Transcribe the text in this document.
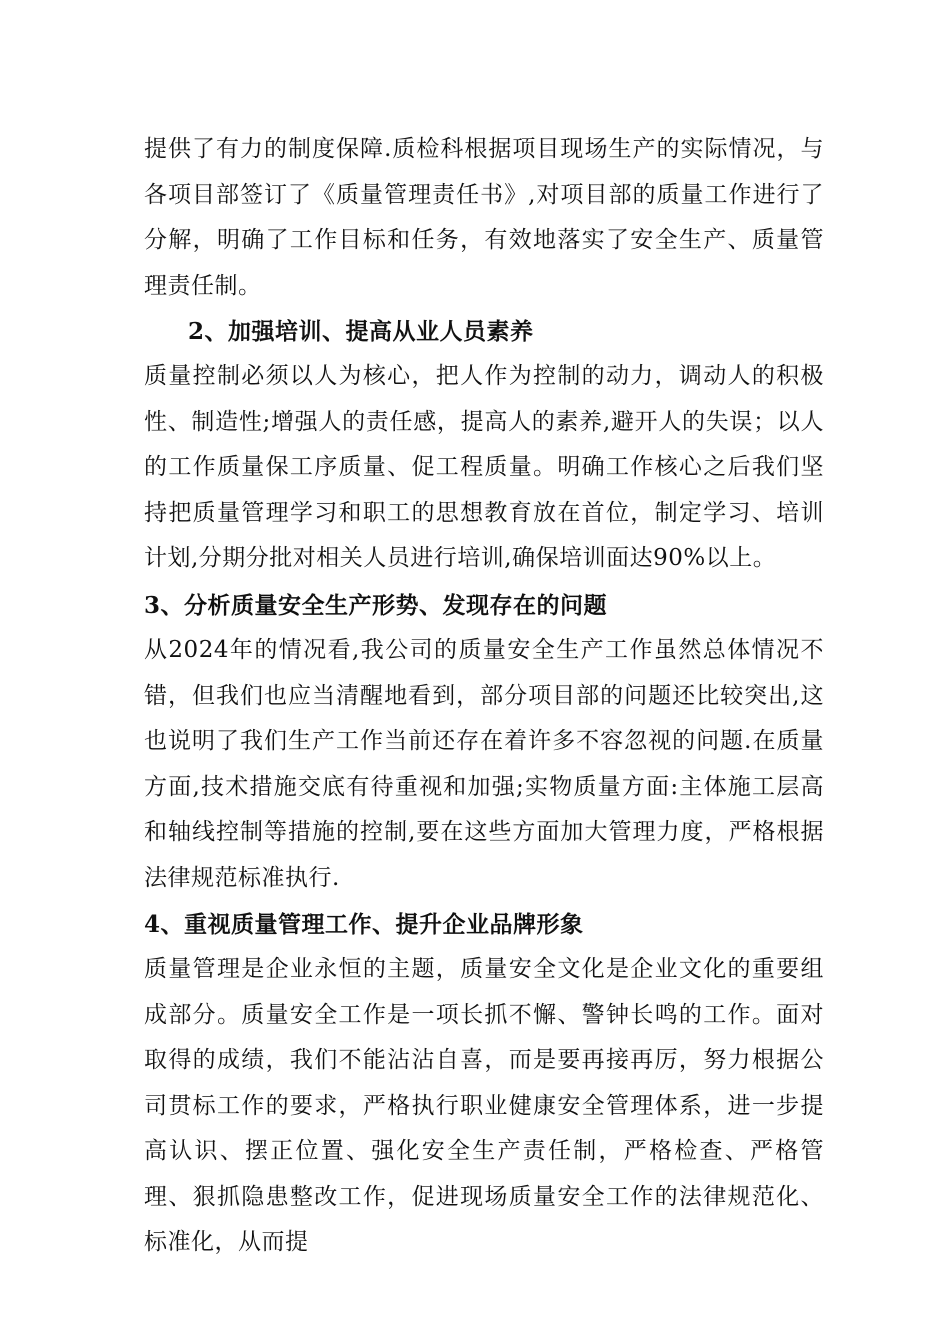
提供了有力的制度保障.质检科根据项目现场生产的实际情况，与各项目部签订了《质量管理责任书》,对项目部的质量工作进行了分解，明确了工作目标和任务，有效地落实了安全生产、质量管理责任制。

2、加强培训、提高从业人员素养

质量控制必须以人为核心，把人作为控制的动力，调动人的积极性、制造性;增强人的责任感，提高人的素养,避开人的失误；以人的工作质量保工序质量、促工程质量。明确工作核心之后我们坚持把质量管理学习和职工的思想教育放在首位，制定学习、培训计划,分期分批对相关人员进行培训,确保培训面达90%以上。

3、分析质量安全生产形势、发现存在的问题

从2024年的情况看,我公司的质量安全生产工作虽然总体情况不错，但我们也应当清醒地看到，部分项目部的问题还比较突出,这也说明了我们生产工作当前还存在着许多不容忽视的问题.在质量方面,技术措施交底有待重视和加强;实物质量方面:主体施工层高和轴线控制等措施的控制,要在这些方面加大管理力度，严格根据法律规范标准执行.

4、重视质量管理工作、提升企业品牌形象

质量管理是企业永恒的主题，质量安全文化是企业文化的重要组成部分。质量安全工作是一项长抓不懈、警钟长鸣的工作。面对取得的成绩，我们不能沾沾自喜，而是要再接再厉，努力根据公司贯标工作的要求，严格执行职业健康安全管理体系，进一步提高认识、摆正位置、强化安全生产责任制，严格检查、严格管理、狠抓隐患整改工作，促进现场质量安全工作的法律规范化、标准化，从而提
